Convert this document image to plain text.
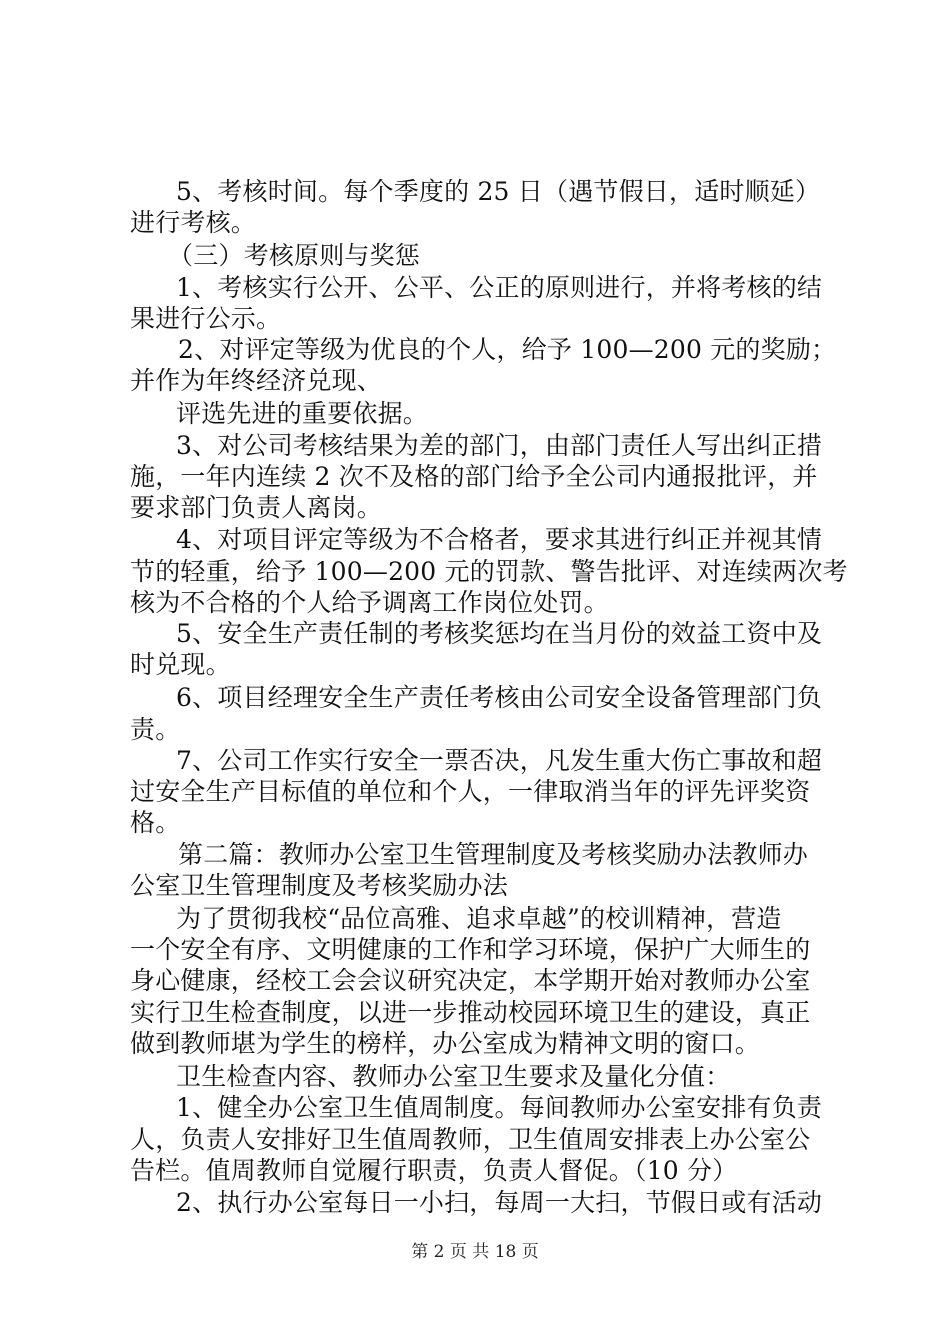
5、考核时间。每个季度的 25 日（遇节假日，适时顺延）
进行考核。
（三）考核原则与奖惩
1、考核实行公开、公平、公正的原则进行，并将考核的结
果进行公示。
2、对评定等级为优良的个人，给予 100—200 元的奖励；
并作为年终经济兑现、
评选先进的重要依据。
3、对公司考核结果为差的部门，由部门责任人写出纠正措
施，一年内连续 2 次不及格的部门给予全公司内通报批评，并
要求部门负责人离岗。
4、对项目评定等级为不合格者，要求其进行纠正并视其情
节的轻重，给予 100—200 元的罚款、警告批评、对连续两次考
核为不合格的个人给予调离工作岗位处罚。
5、安全生产责任制的考核奖惩均在当月份的效益工资中及
时兑现。
6、项目经理安全生产责任考核由公司安全设备管理部门负
责。
7、公司工作实行安全一票否决，凡发生重大伤亡事故和超
过安全生产目标值的单位和个人，一律取消当年的评先评奖资
格。
第二篇：教师办公室卫生管理制度及考核奖励办法教师办
公室卫生管理制度及考核奖励办法
为了贯彻我校“品位高雅、追求卓越”的校训精神，营造
一个安全有序、文明健康的工作和学习环境，保护广大师生的
身心健康，经校工会会议研究决定，本学期开始对教师办公室
实行卫生检查制度，以进一步推动校园环境卫生的建设，真正
做到教师堪为学生的榜样，办公室成为精神文明的窗口。
卫生检查内容、教师办公室卫生要求及量化分值：
1、健全办公室卫生值周制度。每间教师办公室安排有负责
人，负责人安排好卫生值周教师，卫生值周安排表上办公室公
告栏。值周教师自觉履行职责，负责人督促。（10 分）
2、执行办公室每日一小扫，每周一大扫，节假日或有活动
第 2 页 共 18 页
